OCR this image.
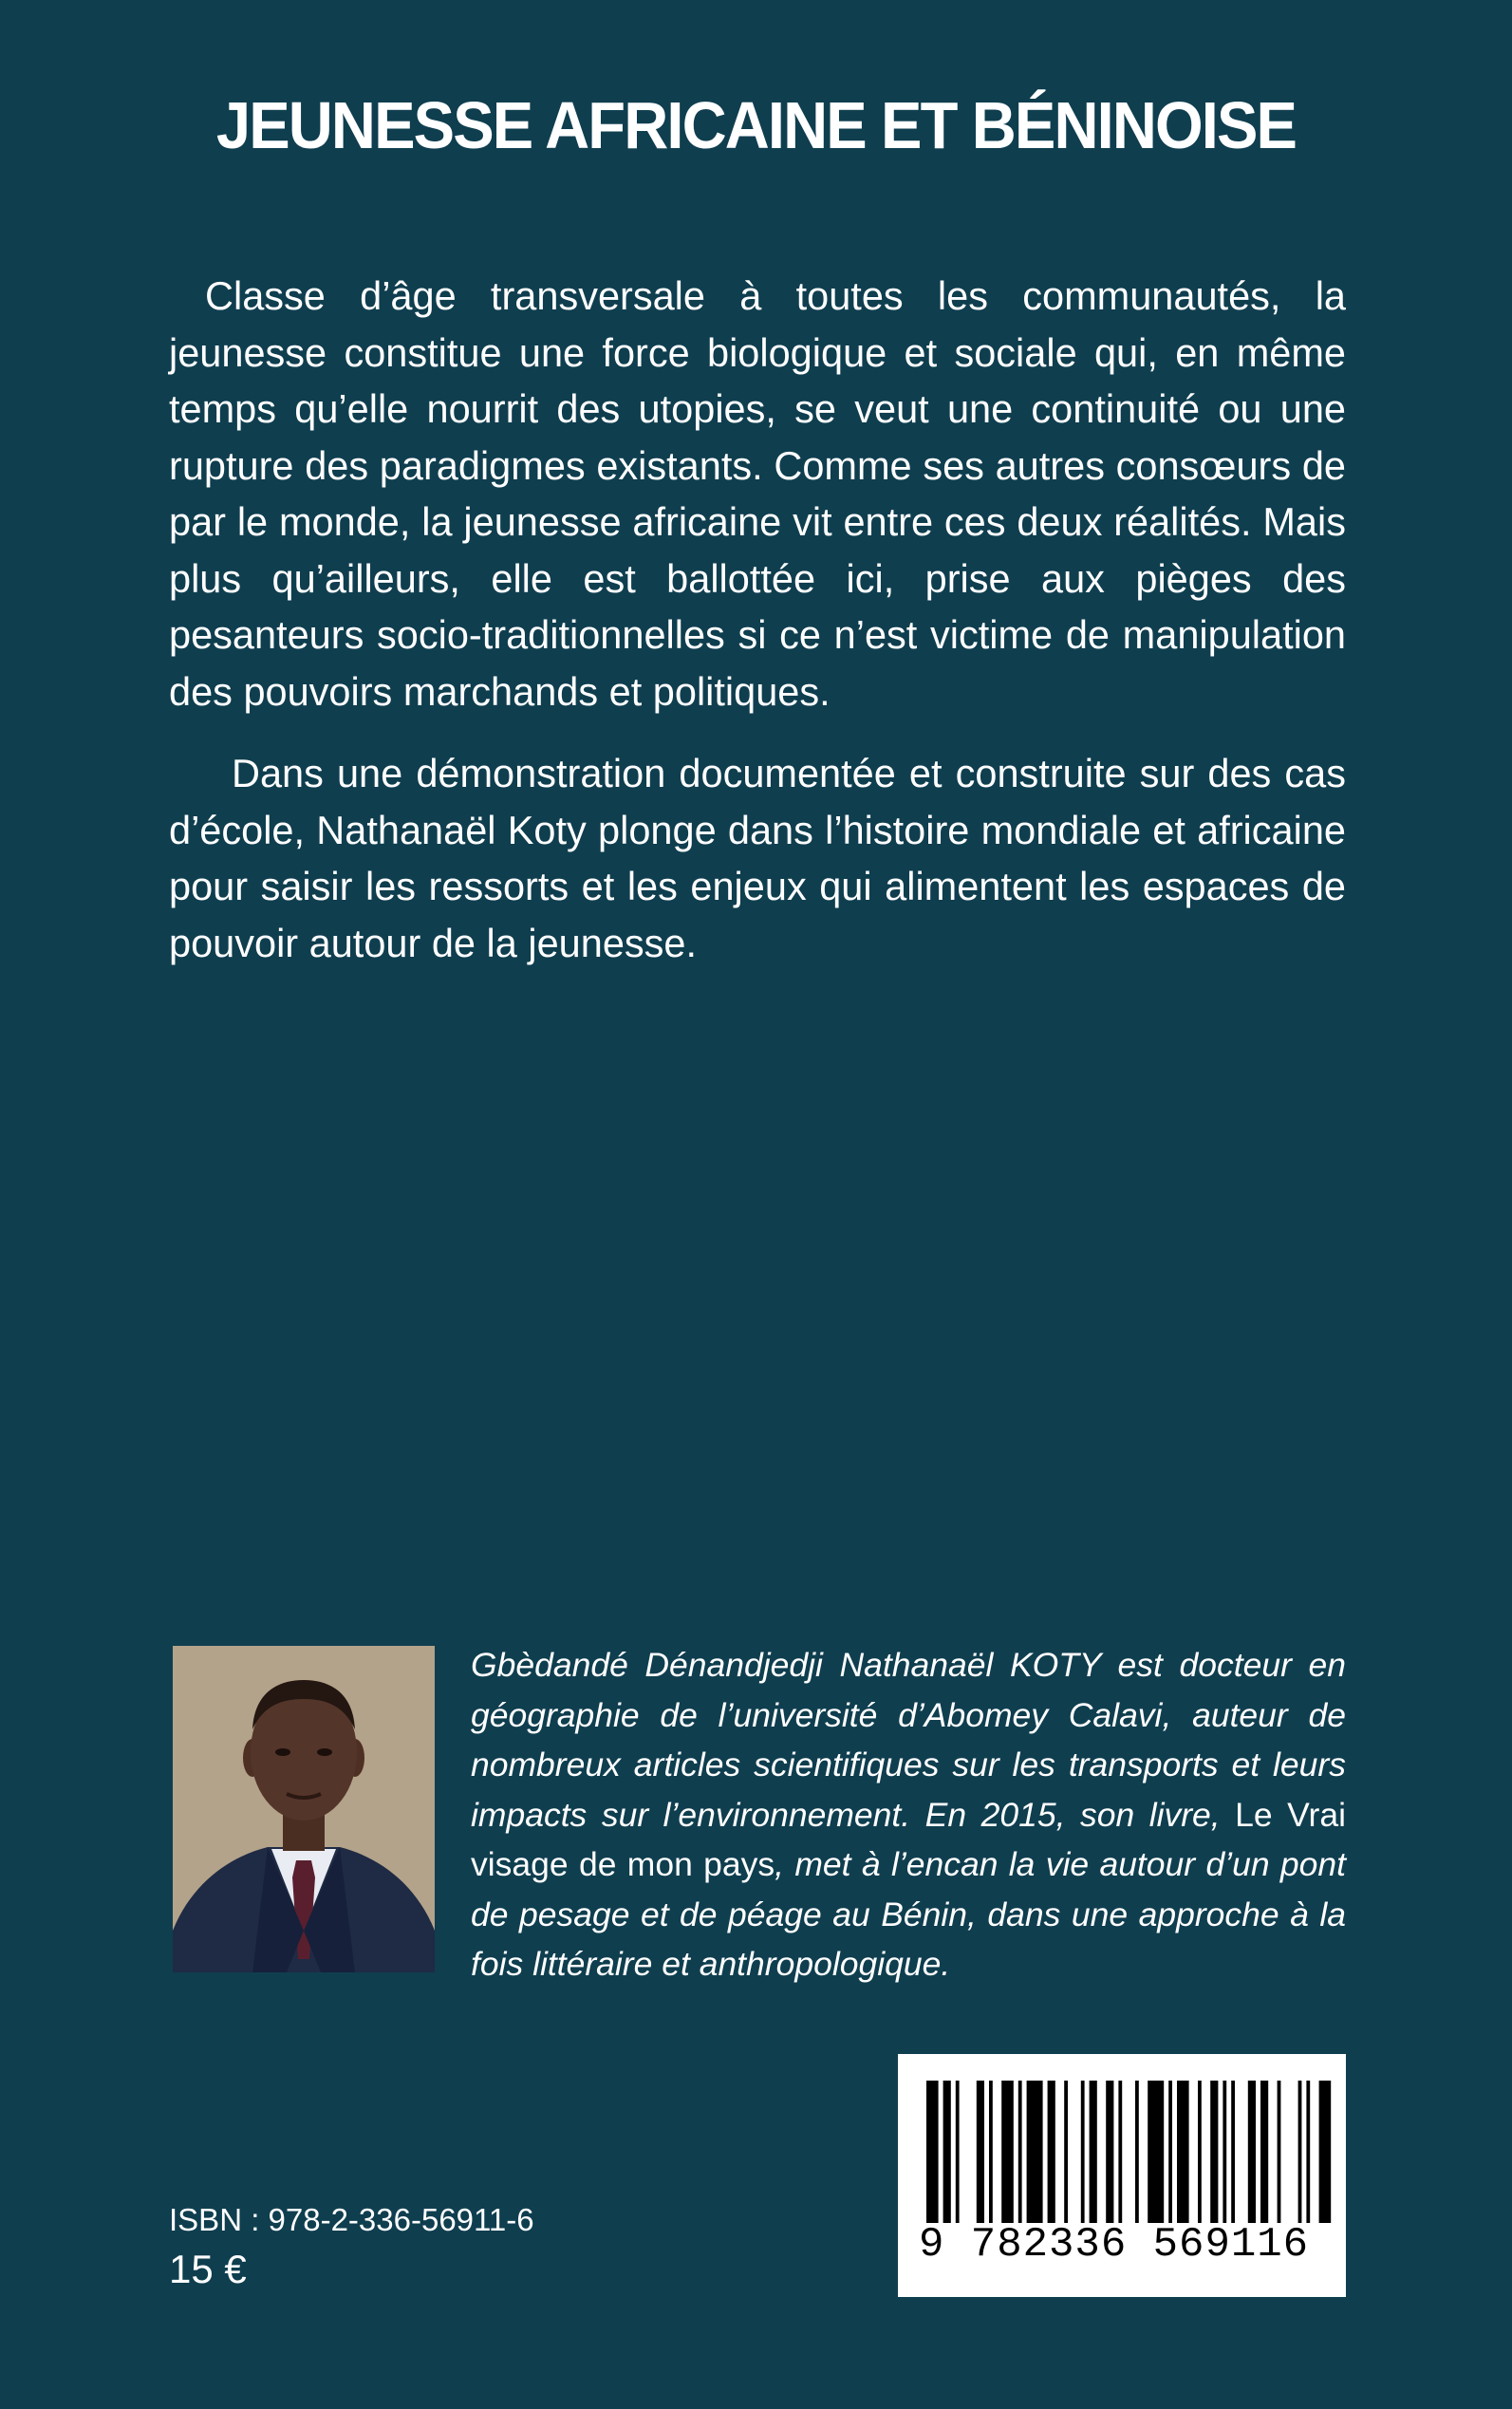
JEUNESSE AFRICAINE ET BÉNINOISE

Classe d’âge transversale à toutes les communautés, la jeunesse constitue une force biologique et sociale qui, en même temps qu’elle nourrit des utopies, se veut une continuité ou une rupture des paradigmes existants. Comme ses autres consœurs de par le monde, la jeunesse africaine vit entre ces deux réalités. Mais plus qu’ailleurs, elle est ballottée ici, prise aux pièges des pesanteurs socio-traditionnelles si ce n’est victime de manipulation des pouvoirs marchands et politiques.

Dans une démonstration documentée et construite sur des cas d’école, Nathanaël Koty plonge dans l’histoire mondiale et africaine pour saisir les ressorts et les enjeux qui alimentent les espaces de pouvoir autour de la jeunesse.

Gbèdandé Dénandjedji Nathanaël KOTY est docteur en géographie de l’université d’Abomey Calavi, auteur de nombreux articles scientifiques sur les transports et leurs impacts sur l’environnement. En 2015, son livre, Le Vrai visage de mon pays, met à l’encan la vie autour d’un pont de pesage et de péage au Bénin, dans une approche à la fois littéraire et anthropologique.
ISBN : 978-2-336-56911-6
15 €
9 782336 569116
